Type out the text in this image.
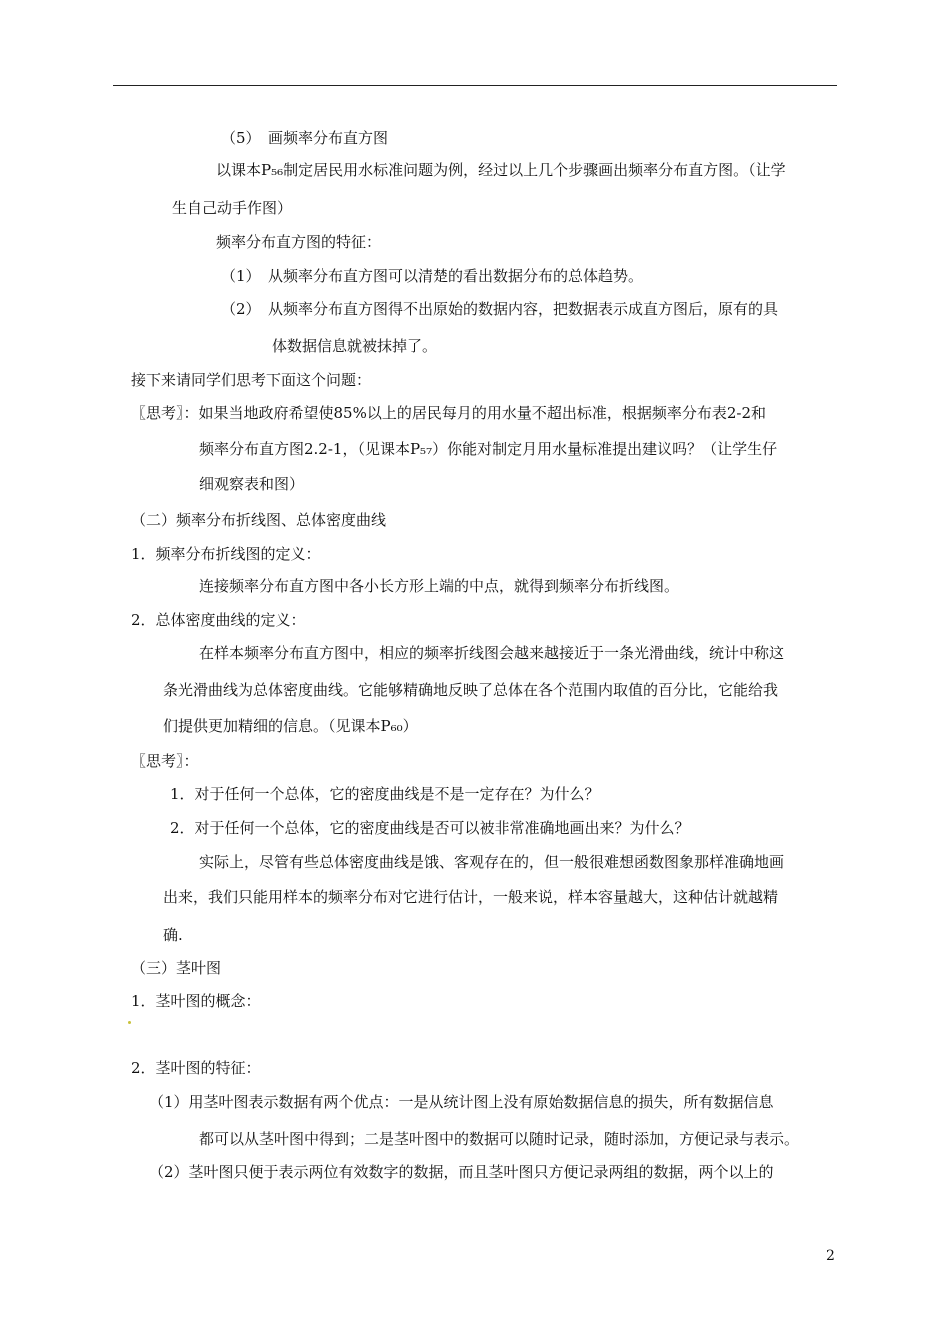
（5）　画频率分布直方图
以课本P₅₆制定居民用水标准问题为例，经过以上几个步骤画出频率分布直方图。（让学
生自己动手作图）
频率分布直方图的特征：
（1）　从频率分布直方图可以清楚的看出数据分布的总体趋势。
（2）　从频率分布直方图得不出原始的数据内容，把数据表示成直方图后，原有的具
体数据信息就被抹掉了。
接下来请同学们思考下面这个问题：
〖思考〗：如果当地政府希望使85%以上的居民每月的用水量不超出标准，根据频率分布表2-2和
频率分布直方图2.2-1，（见课本P₅₇）你能对制定月用水量标准提出建议吗？（让学生仔
细观察表和图）
（二）频率分布折线图、总体密度曲线
1．频率分布折线图的定义：
连接频率分布直方图中各小长方形上端的中点，就得到频率分布折线图。
2．总体密度曲线的定义：
在样本频率分布直方图中，相应的频率折线图会越来越接近于一条光滑曲线，统计中称这
条光滑曲线为总体密度曲线。它能够精确地反映了总体在各个范围内取值的百分比，它能给我
们提供更加精细的信息。（见课本P₆₀）
〖思考〗：
1．对于任何一个总体，它的密度曲线是不是一定存在？为什么？
2．对于任何一个总体，它的密度曲线是否可以被非常准确地画出来？为什么？
实际上，尽管有些总体密度曲线是饿、客观存在的，但一般很难想函数图象那样准确地画
出来，我们只能用样本的频率分布对它进行估计，一般来说，样本容量越大，这种估计就越精
确.
（三）茎叶图
1．茎叶图的概念：
2．茎叶图的特征：
（1）用茎叶图表示数据有两个优点：一是从统计图上没有原始数据信息的损失，所有数据信息
都可以从茎叶图中得到；二是茎叶图中的数据可以随时记录，随时添加，方便记录与表示。
（2）茎叶图只便于表示两位有效数字的数据，而且茎叶图只方便记录两组的数据，两个以上的
2
